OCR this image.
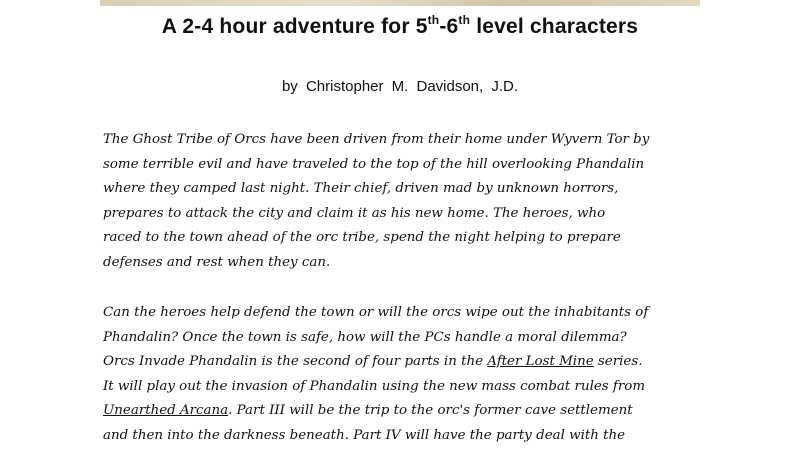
A 2-4 hour adventure for 5th-6th level characters
by Christopher M. Davidson, J.D.
The Ghost Tribe of Orcs have been driven from their home under Wyvern Tor by
some terrible evil and have traveled to the top of the hill overlooking Phandalin
where they camped last night. Their chief, driven mad by unknown horrors,
prepares to attack the city and claim it as his new home. The heroes, who
raced to the town ahead of the orc tribe, spend the night helping to prepare
defenses and rest when they can.
Can the heroes help defend the town or will the orcs wipe out the inhabitants of
Phandalin? Once the town is safe, how will the PCs handle a moral dilemma?
Orcs Invade Phandalin is the second of four parts in the After Lost Mine series.
It will play out the invasion of Phandalin using the new mass combat rules from
Unearthed Arcana. Part III will be the trip to the orc's former cave settlement
and then into the darkness beneath. Part IV will have the party deal with the
